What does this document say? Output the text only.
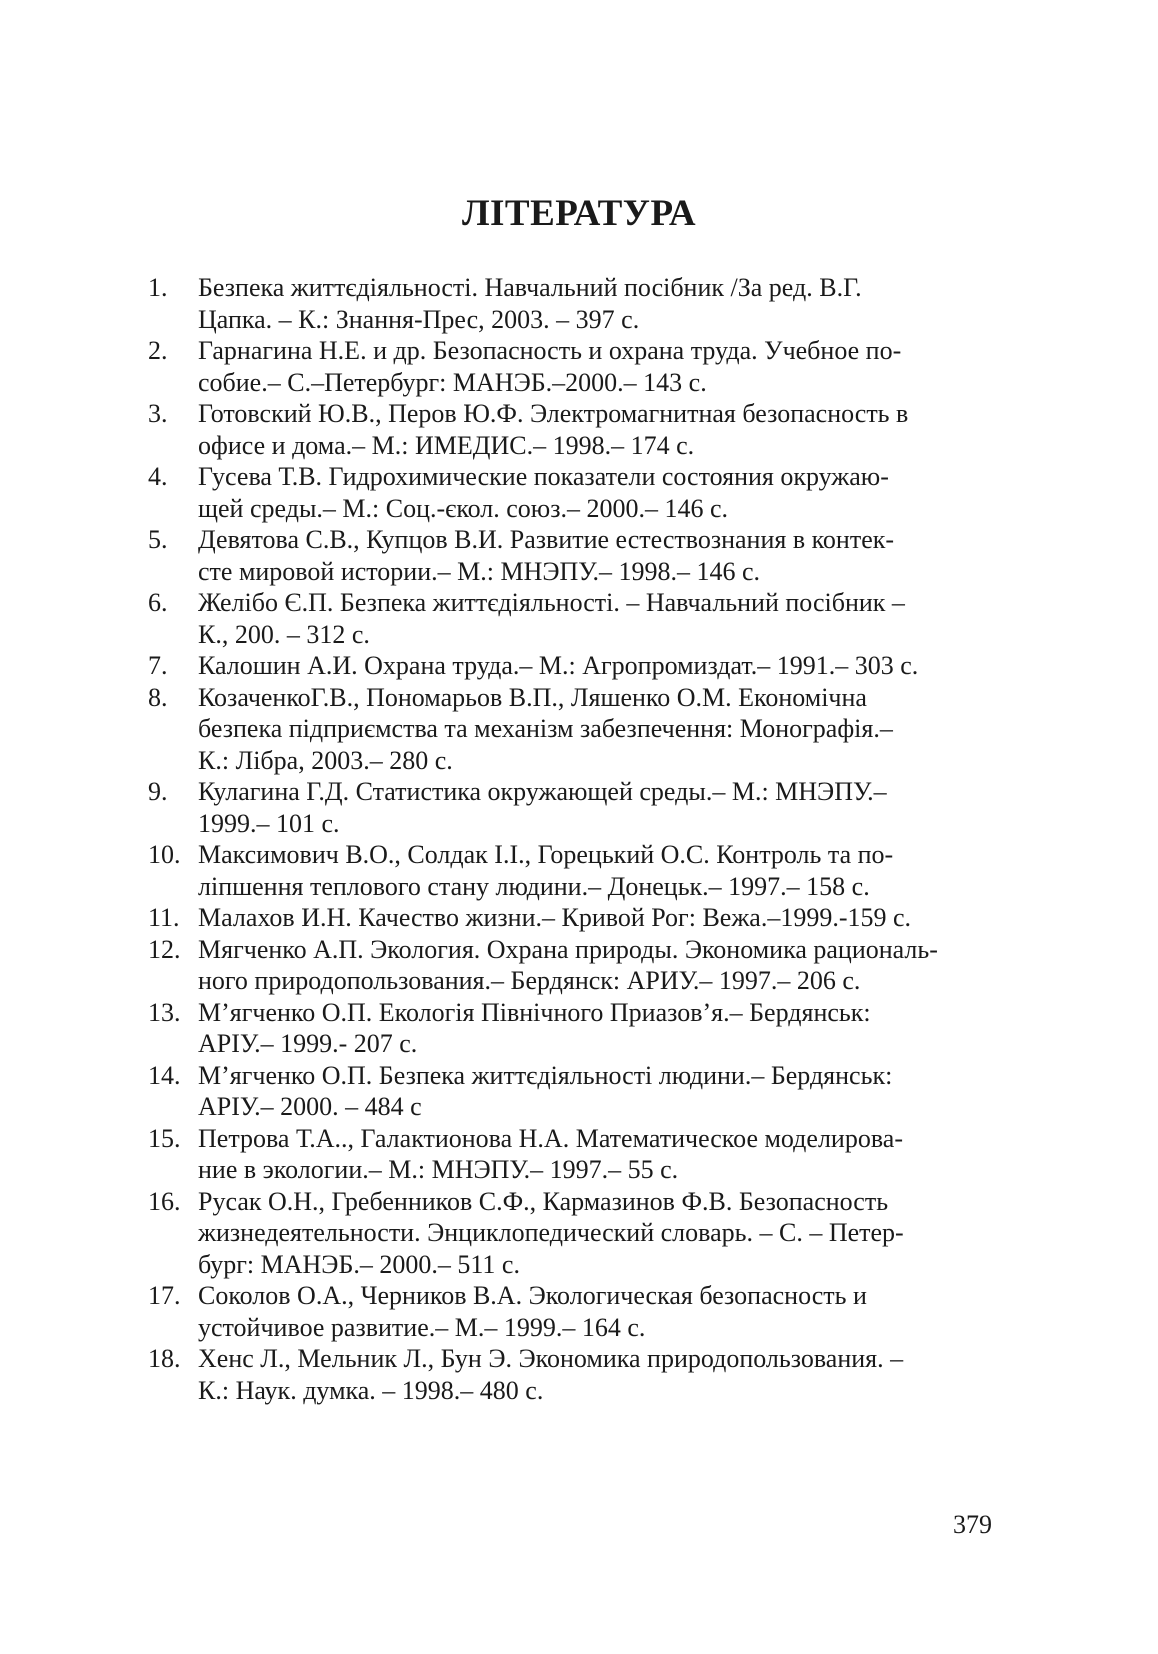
ЛІТЕРАТУРА
1.	Безпека життєдіяльності. Навчальний посібник /За ред. В.Г.
Цапка. – К.: Знання-Прес, 2003. – 397 с.
2.	Гарнагина Н.Е. и др. Безопасность и охрана труда. Учебное по-
собие.– С.–Петербург: МАНЭБ.–2000.– 143 с.
3.	Готовский Ю.В., Перов Ю.Ф. Электромагнитная безопасность в
офисе и дома.– М.: ИМЕДИС.– 1998.– 174 с.
4.	Гусева Т.В. Гидрохимические показатели состояния окружаю-
щей среды.– М.: Соц.-єкол. союз.– 2000.– 146 с.
5.	Девятова С.В., Купцов В.И. Развитие естествознания в контек-
сте мировой истории.– М.: МНЭПУ.– 1998.– 146 с.
6.	Желібо Є.П. Безпека життєдіяльності. – Навчальний посібник –
К., 200. – 312 с.
7.	Калошин А.И. Охрана труда.– М.: Агропромиздат.– 1991.– 303 с.
8.	КозаченкоГ.В., Пономарьов В.П., Ляшенко О.М. Економічна
безпека підприємства та механізм забезпечення: Монографія.–
К.: Лібра, 2003.– 280 с.
9.	Кулагина Г.Д. Статистика окружающей среды.– М.: МНЭПУ.–
1999.– 101 с.
10. Максимович В.О., Солдак І.І., Горецький О.С. Контроль та по-
ліпшення теплового стану людини.– Донецьк.– 1997.– 158 с.
11. Малахов И.Н. Качество жизни.– Кривой Рог: Вежа.–1999.-159 с.
12. Мягченко А.П. Экология. Охрана природы. Экономика рациональ-
ного природопользования.– Бердянск: АРИУ.– 1997.– 206 с.
13. М’ягченко О.П. Екологія Північного Приазов’я.– Бердянськ:
АРІУ.– 1999.- 207 с.
14. М’ягченко О.П. Безпека життєдіяльності людини.– Бердянськ:
АРІУ.– 2000. – 484 с
15. Петрова Т.А.., Галактионова Н.А. Математическое моделирова-
ние в экологии.– М.: МНЭПУ.– 1997.– 55 с.
16. Русак О.Н., Гребенников С.Ф., Кармазинов Ф.В. Безопасность
жизнедеятельности. Энциклопедический словарь. – С. – Петер-
бург: МАНЭБ.– 2000.– 511 с.
17. Соколов О.А., Черников В.А. Экологическая безопасность и
устойчивое развитие.– М.– 1999.– 164 с.
18. Хенс Л., Мельник Л., Бун Э. Экономика природопользования. –
К.: Наук. думка. – 1998.– 480 с.
379
